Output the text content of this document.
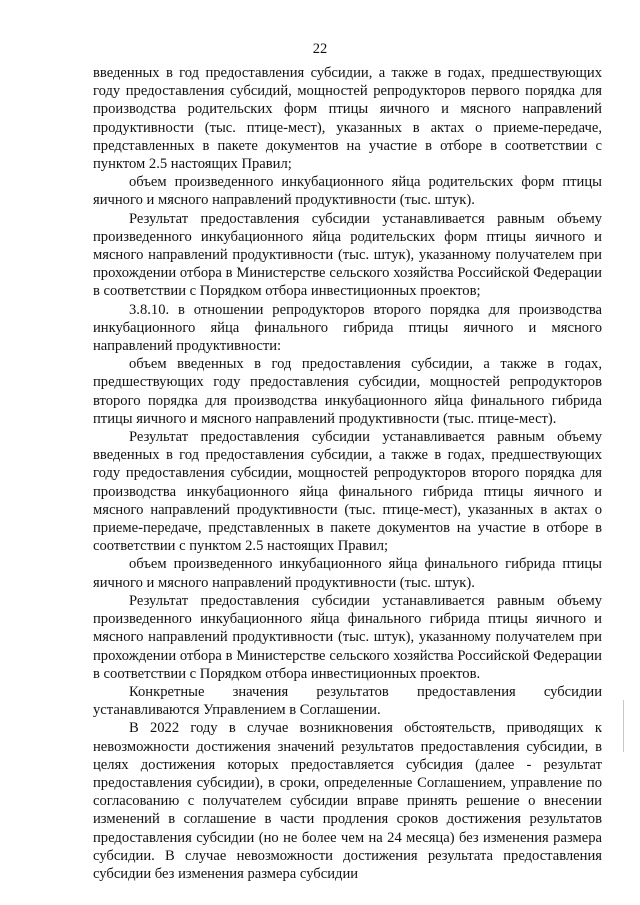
22

введенных в год предоставления субсидии, а также в годах, предшествующих году предоставления субсидий, мощностей репродукторов первого порядка для производства родительских форм птицы яичного и мясного направлений продуктивности (тыс. птице-мест), указанных в актах о приеме-передаче, представленных в пакете документов на участие в отборе в соответствии с пунктом 2.5 настоящих Правил;

объем произведенного инкубационного яйца родительских форм птицы яичного и мясного направлений продуктивности (тыс. штук).

Результат предоставления субсидии устанавливается равным объему произведенного инкубационного яйца родительских форм птицы яичного и мясного направлений продуктивности (тыс. штук), указанному получателем при прохождении отбора в Министерстве сельского хозяйства Российской Федерации в соответствии с Порядком отбора инвестиционных проектов;

3.8.10. в отношении репродукторов второго порядка для производства инкубационного яйца финального гибрида птицы яичного и мясного направлений продуктивности:

объем введенных в год предоставления субсидии, а также в годах, предшествующих году предоставления субсидии, мощностей репродукторов второго порядка для производства инкубационного яйца финального гибрида птицы яичного и мясного направлений продуктивности (тыс. птице-мест).

Результат предоставления субсидии устанавливается равным объему введенных в год предоставления субсидии, а также в годах, предшествующих году предоставления субсидии, мощностей репродукторов второго порядка для производства инкубационного яйца финального гибрида птицы яичного и мясного направлений продуктивности (тыс. птице-мест), указанных в актах о приеме-передаче, представленных в пакете документов на участие в отборе в соответствии с пунктом 2.5 настоящих Правил;

объем произведенного инкубационного яйца финального гибрида птицы яичного и мясного направлений продуктивности (тыс. штук).

Результат предоставления субсидии устанавливается равным объему произведенного инкубационного яйца финального гибрида птицы яичного и мясного направлений продуктивности (тыс. штук), указанному получателем при прохождении отбора в Министерстве сельского хозяйства Российской Федерации в соответствии с Порядком отбора инвестиционных проектов.

Конкретные значения результатов предоставления субсидии устанавливаются Управлением в Соглашении.

В 2022 году в случае возникновения обстоятельств, приводящих к невозможности достижения значений результатов предоставления субсидии, в целях достижения которых предоставляется субсидия (далее - результат предоставления субсидии), в сроки, определенные Соглашением, управление по согласованию с получателем субсидии вправе принять решение о внесении изменений в соглашение в части продления сроков достижения результатов предоставления субсидии (но не более чем на 24 месяца) без изменения размера субсидии. В случае невозможности достижения результата предоставления субсидии без изменения размера субсидии
